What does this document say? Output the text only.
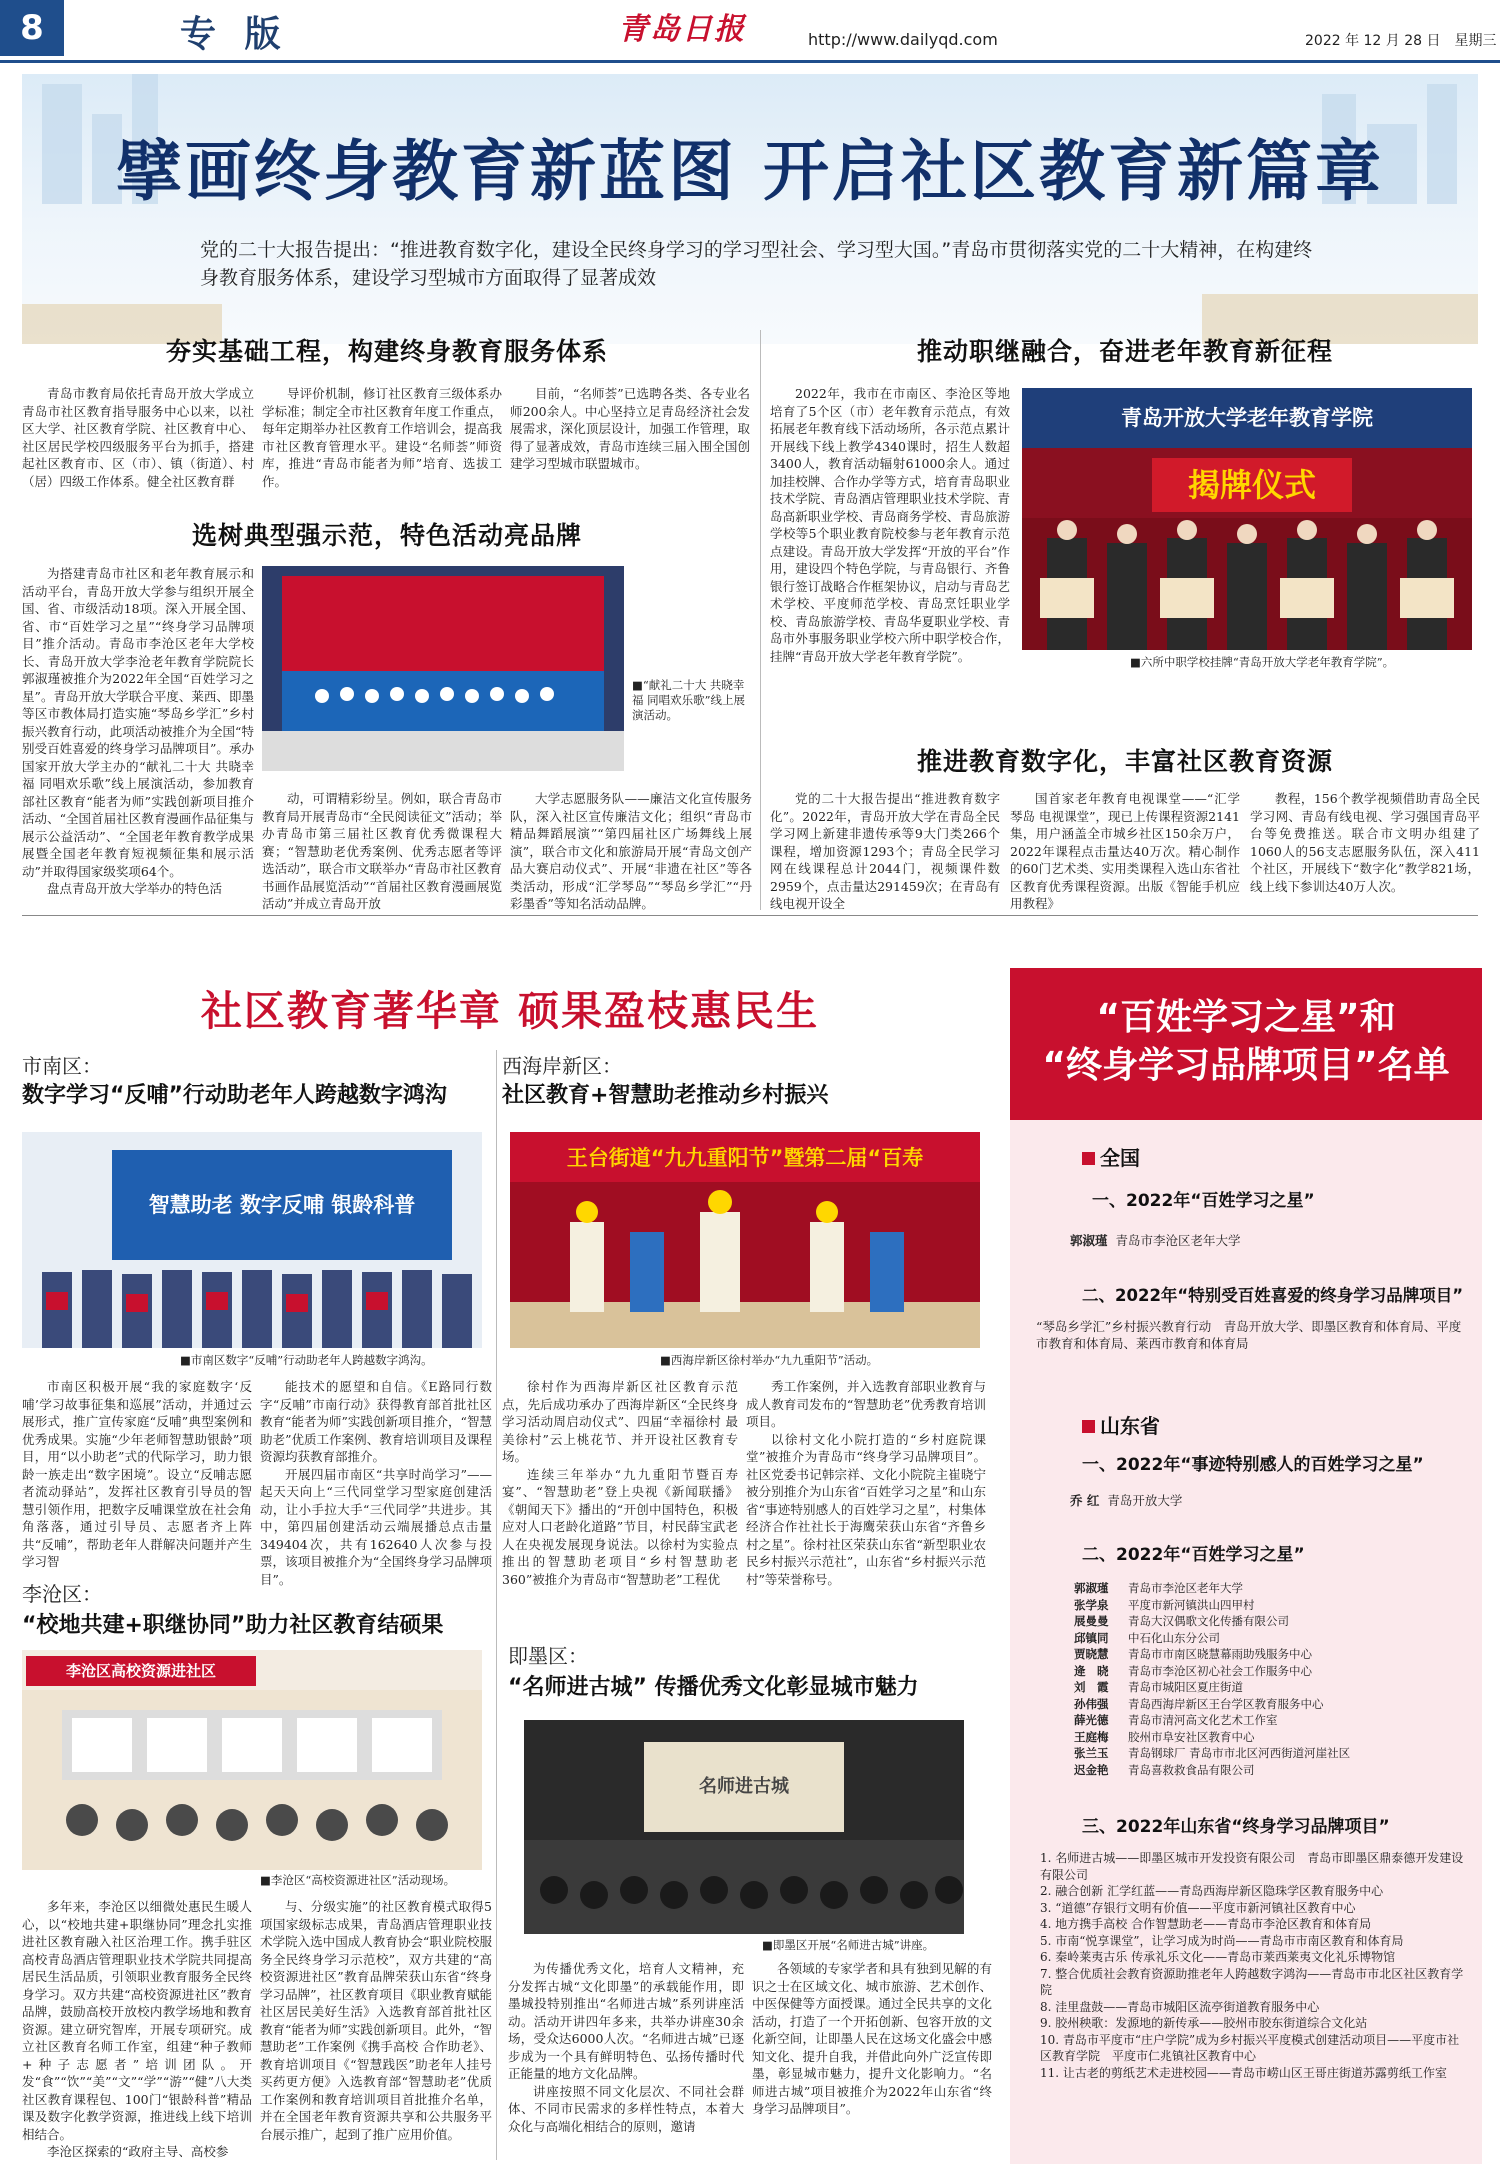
8	专 版	青岛日报	http://www.dailyqd.com	2022 年 12 月 28 日　星期三
擘画终身教育新蓝图 开启社区教育新篇章
党的二十大报告提出：“推进教育数字化，建设全民终身学习的学习型社会、学习型大国。”青岛市贯彻落实党的二十大精神，在构建终身教育服务体系，建设学习型城市方面取得了显著成效
夯实基础工程，构建终身教育服务体系

青岛市教育局依托青岛开放大学成立青岛市社区教育指导服务中心以来，以社区大学、社区教育学院、社区教育中心、社区居民学校四级服务平台为抓手，搭建起社区教育市、区（市）、镇（街道）、村（居）四级工作体系。健全社区教育群

导评价机制，修订社区教育三级体系办学标准；制定全市社区教育年度工作重点，每年定期举办社区教育工作培训会，提高我市社区教育管理水平。建设“名师荟”师资库，推进“青岛市能者为师”培育、选拔工作。

目前，“名师荟”已选聘各类、各专业名师200余人。中心坚持立足青岛经济社会发展需求，深化顶层设计，加强工作管理，取得了显著成效，青岛市连续三届入围全国创建学习型城市联盟城市。

选树典型强示范，特色活动亮品牌

为搭建青岛市社区和老年教育展示和活动平台，青岛开放大学参与组织开展全国、省、市级活动18项。深入开展全国、省、市“百姓学习之星”“终身学习品牌项目”推介活动。青岛市李沧区老年大学校长、青岛开放大学李沧老年教育学院院长郭淑瑾被推介为2022年全国“百姓学习之星”。青岛开放大学联合平度、莱西、即墨等区市教体局打造实施“琴岛乡学汇”乡村振兴教育行动，此项活动被推介为全国“特别受百姓喜爱的终身学习品牌项目”。承办国家开放大学主办的“献礼二十大 共晓幸福 同唱欢乐歌”线上展演活动，参加教育部社区教育“能者为师”实践创新项目推介活动、“全国首届社区教育漫画作品征集与展示公益活动”、“全国老年教育教学成果展暨全国老年教育短视频征集和展示活动”并取得国家级奖项64个。

盘点青岛开放大学举办的特色活

■“献礼二十大 共晓幸福 同唱欢乐歌”线上展演活动。

动，可谓精彩纷呈。例如，联合青岛市教育局开展青岛市“全民阅读征文”活动；举办青岛市第三届社区教育优秀微课程大赛；“智慧助老优秀案例、优秀志愿者等评选活动”，联合市文联举办“青岛市社区教育书画作品展览活动”“首届社区教育漫画展览活动”并成立青岛开放

大学志愿服务队——廉洁文化宣传服务队，深入社区宣传廉洁文化；组织“青岛市精品舞蹈展演”“第四届社区广场舞线上展演”，联合市文化和旅游局开展“青岛文创产品大赛启动仪式”、开展“非遗在社区”等各类活动，形成“汇学琴岛”“琴岛乡学汇”“丹彩墨香”等知名活动品牌。

推动职继融合，奋进老年教育新征程

2022年，我市在市南区、李沧区等地培育了5个区（市）老年教育示范点，有效拓展老年教育线下活动场所，各示范点累计开展线下线上教学4340课时，招生人数超3400人，教育活动辐射61000余人。通过加挂校牌、合作办学等方式，培育青岛职业技术学院、青岛酒店管理职业技术学院、青岛高新职业学校、青岛商务学校、青岛旅游学校等5个职业教育院校参与老年教育示范点建设。青岛开放大学发挥“开放的平台”作用，建设四个特色学院，与青岛银行、齐鲁银行签订战略合作框架协议，启动与青岛艺术学校、平度师范学校、青岛烹饪职业学校、青岛旅游学校、青岛华夏职业学校、青岛市外事服务职业学校六所中职学校合作，挂牌“青岛开放大学老年教育学院”。

青岛开放大学老年教育学院
揭牌仪式
■六所中职学校挂牌“青岛开放大学老年教育学院”。
推进教育数字化，丰富社区教育资源

党的二十大报告提出“推进教育数字化”。2022年，青岛开放大学在青岛全民学习网上新建非遗传承等9大门类266个课程，增加资源1293个；青岛全民学习网在线课程总计2044门，视频课件数2959个，点击量达291459次；在青岛有线电视开设全

国首家老年教育电视课堂——“汇学琴岛 电视课堂”，现已上传课程资源2141集，用户涵盖全市城乡社区150余万户，2022年课程点击量达40万次。精心制作的60门艺术类、实用类课程入选山东省社区教育优秀课程资源。出版《智能手机应用教程》

教程，156个教学视频借助青岛全民学习网、青岛有线电视、学习强国青岛平台等免费推送。联合市文明办组建了1060人的56支志愿服务队伍，深入411个社区，开展线下“数字化”教学821场，线上线下参训达40万人次。

社区教育著华章 硕果盈枝惠民生
市南区：
数字学习“反哺”行动助老年人跨越数字鸿沟
智慧助老 数字反哺 银龄科普
■市南区数字“反哺”行动助老年人跨越数字鸿沟。

市南区积极开展“我的家庭数字‘反哺’学习故事征集和巡展”活动，并通过云展形式，推广宣传家庭“反哺”典型案例和优秀成果。实施“少年老师智慧助银龄”项目，用“以小助老”式的代际学习，助力银龄一族走出“数字困境”。设立“反哺志愿者流动驿站”，发挥社区教育引导员的智慧引领作用，把数字反哺课堂放在社会角角落落，通过引导员、志愿者齐上阵共“反哺”，帮助老年人群解决问题并产生学习智

能技术的愿望和自信。《E路同行数字“反哺”市南行动》获得教育部首批社区教育“能者为师”实践创新项目推介，“智慧助老”优质工作案例、教育培训项目及课程资源均获教育部推介。

开展四届市南区“共享时尚学习”——起天天向上“三代同堂学习型家庭创建活动，让小手拉大手“三代同学”共进步。其中，第四届创建活动云端展播总点击量349404次，共有162640人次参与投票，该项目被推介为“全国终身学习品牌项目”。

西海岸新区：
社区教育+智慧助老推动乡村振兴
王台街道“九九重阳节”暨第二届“百寿
■西海岸新区徐村举办“九九重阳节”活动。

徐村作为西海岸新区社区教育示范点，先后成功承办了西海岸新区“全民终身学习活动周启动仪式”、四届“幸福徐村 最美徐村”云上桃花节、并开设社区教育专场。

连续三年举办“九九重阳节暨百寿宴”、“智慧助老”登上央视《新闻联播》《朝闻天下》播出的“开创中国特色，积极应对人口老龄化道路”节目，村民薛宝武老人在央视发展现身说法。以徐村为实验点推出的智慧助老项目“乡村智慧助老360”被推介为青岛市“智慧助老”工程优

秀工作案例，并入选教育部职业教育与成人教育司发布的“智慧助老”优秀教育培训项目。

以徐村文化小院打造的“乡村庭院课堂”被推介为青岛市“终身学习品牌项目”。社区党委书记韩宗祥、文化小院院主崔晓宁被分别推介为山东省“百姓学习之星”和山东省“事迹特别感人的百姓学习之星”，村集体经济合作社社长于海鹰荣获山东省“齐鲁乡村之星”。徐村社区荣获山东省“新型职业农民乡村振兴示范社”，山东省“乡村振兴示范村”等荣誉称号。

李沧区：
“校地共建+职继协同”助力社区教育结硕果
李沧区高校资源进社区
■李沧区“高校资源进社区”活动现场。

多年来，李沧区以细微处惠民生暖人心，以“校地共建+职继协同”理念扎实推进社区教育融入社区治理工作。携手驻区高校青岛酒店管理职业技术学院共同提高居民生活品质，引领职业教育服务全民终身学习。双方共建“高校资源进社区”教育品牌，鼓励高校开放校内教学场地和教育资源。建立研究智库，开展专项研究。成立社区教育名师工作室，组建“种子教师+种子志愿者”培训团队。开发“食”“饮”“美”“文”“学”“游”“健”八大类社区教育课程包、100门“银龄科普”精品课及数字化教学资源，推进线上线下培训相结合。

李沧区探索的“政府主导、高校参

与、分级实施”的社区教育模式取得5项国家级标志成果，青岛酒店管理职业技术学院入选中国成人教育协会“职业院校服务全民终身学习示范校”，双方共建的“高校资源进社区”教育品牌荣获山东省“终身学习品牌”，社区教育项目《职业教育赋能社区居民美好生活》入选教育部首批社区教育“能者为师”实践创新项目。此外，“智慧助老”工作案例《携手高校 合作助老》、教育培训项目《“智慧践医”助老年人挂号买药更方便》入选教育部“智慧助老”优质工作案例和教育培训项目首批推介名单，并在全国老年教育资源共享和公共服务平台展示推广，起到了推广应用价值。

即墨区：
“名师进古城” 传播优秀文化彰显城市魅力
名师进古城
■即墨区开展“名师进古城”讲座。

为传播优秀文化，培育人文精神，充分发挥古城“文化即墨”的承载能作用，即墨城投特别推出“名师进古城”系列讲座活动。活动开讲四年多来，共举办讲座30余场，受众达6000人次。“名师进古城”已逐步成为一个具有鲜明特色、弘扬传播时代正能量的地方文化品牌。

讲座按照不同文化层次、不同社会群体、不同市民需求的多样性特点，本着大众化与高端化相结合的原则，邀请

各领域的专家学者和具有独到见解的有识之士在区域文化、城市旅游、艺术创作、中医保健等方面授课。通过全民共享的文化活动，打造了一个开拓创新、包容开放的文化新空间，让即墨人民在这场文化盛会中感知文化、提升自我，并借此向外广泛宣传即墨，彰显城市魅力，提升文化影响力。“名师进古城”项目被推介为2022年山东省“终身学习品牌项目”。

“百姓学习之星”和
“终身学习品牌项目”名单
全国
一、2022年“百姓学习之星”
郭淑瑾 青岛市李沧区老年大学
二、2022年“特别受百姓喜爱的终身学习品牌项目”
“琴岛乡学汇”乡村振兴教育行动　青岛开放大学、即墨区教育和体育局、平度市教育和体育局、莱西市教育和体育局
山东省
一、2022年“事迹特别感人的百姓学习之星”
乔 红 青岛开放大学
二、2022年“百姓学习之星”
郭淑瑾 青岛市李沧区老年大学
张学泉 平度市新河镇洪山四甲村
展曼曼 青岛大汉偶歌文化传播有限公司
邱镇同 中石化山东分公司
贾晓慧 青岛市市南区晓慧幕雨助残服务中心
逄　晓 青岛市李沧区初心社会工作服务中心
刘　霞 青岛市城阳区夏庄街道
孙伟强 青岛西海岸新区王台学区教育服务中心
薛光德 青岛市清河高文化艺术工作室
王庭梅 胶州市阜安社区教育中心
张兰玉 青岛钢球厂 青岛市市北区河西街道河崖社区
迟金艳 青岛喜救救食品有限公司
三、2022年山东省“终身学习品牌项目”
1. 名师进古城——即墨区城市开发投资有限公司　青岛市即墨区鼎泰德开发建设有限公司
2. 融合创新 汇学红蓝——青岛西海岸新区隐珠学区教育服务中心
3. “道德”存银行文明有价值——平度市新河镇社区教育中心
4. 地方携手高校 合作智慧助老——青岛市李沧区教育和体育局
5. 市南“悦享课堂”，让学习成为时尚——青岛市市南区教育和体育局
6. 秦岭莱夷古乐 传承礼乐文化——青岛市莱西莱夷文化礼乐博物馆
7. 整合优质社会教育资源助推老年人跨越数字鸿沟——青岛市市北区社区教育学院
8. 洼里盘鼓——青岛市城阳区流亭街道教育服务中心
9. 胶州秧歌：发源地的新传承——胶州市胶东街道综合文化站
10. 青岛市平度市“庄户学院”成为乡村振兴平度模式创建活动项目——平度市社区教育学院　平度市仁兆镇社区教育中心
11. 让古老的剪纸艺术走进校园——青岛市崂山区王哥庄街道苏露剪纸工作室
